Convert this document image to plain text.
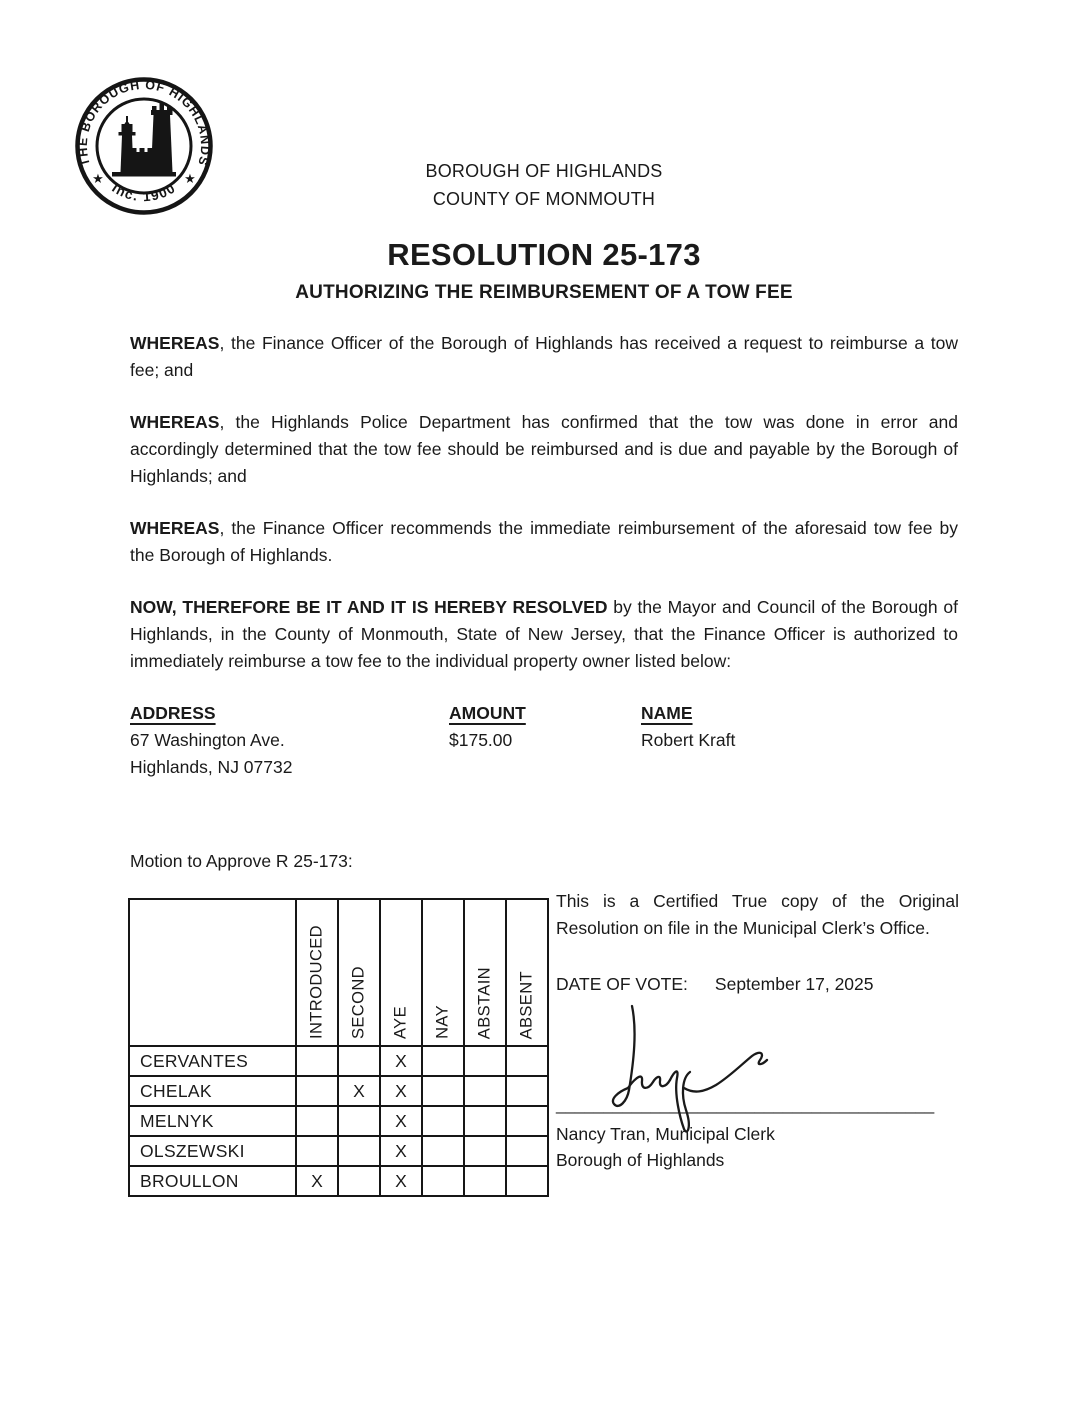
THE BOROUGH OF HIGHLANDS
Inc. 1900
★	★	BOROUGH OF HIGHLANDS
COUNTY OF MONMOUTH
RESOLUTION 25-173
AUTHORIZING THE REIMBURSEMENT OF A TOW FEE

WHEREAS, the Finance Officer of the Borough of Highlands has received a request to reimburse a tow fee; and

WHEREAS, the Highlands Police Department has confirmed that the tow was done in error and accordingly determined that the tow fee should be reimbursed and is due and payable by the Borough of Highlands; and

WHEREAS, the Finance Officer recommends the immediate reimbursement of the aforesaid tow fee by the Borough of Highlands.

NOW, THEREFORE BE IT AND IT IS HEREBY RESOLVED by the Mayor and Council of the Borough of Highlands, in the County of Monmouth, State of New Jersey, that the Finance Officer is authorized to immediately reimburse a tow fee to the individual property owner listed below:

ADDRESS	AMOUNT	NAME
67 Washington Ave.	$175.00	Robert Kraft
Highlands, NJ 07732
Motion to Approve R 25-173:

	INTRODUCED	SECOND	AYE	NAY	ABSTAIN	ABSENT

CERVANTES			X			
CHELAK		X	X			
MELNYK			X			
OLSZEWSKI			X			
BROULLON	X		X			

This is a Certified True copy of the Original Resolution on file in the Municipal Clerk’s Office.

DATE OF VOTE: September 17, 2025
________________________________________
Nancy Tran, Municipal Clerk
Borough of Highlands
